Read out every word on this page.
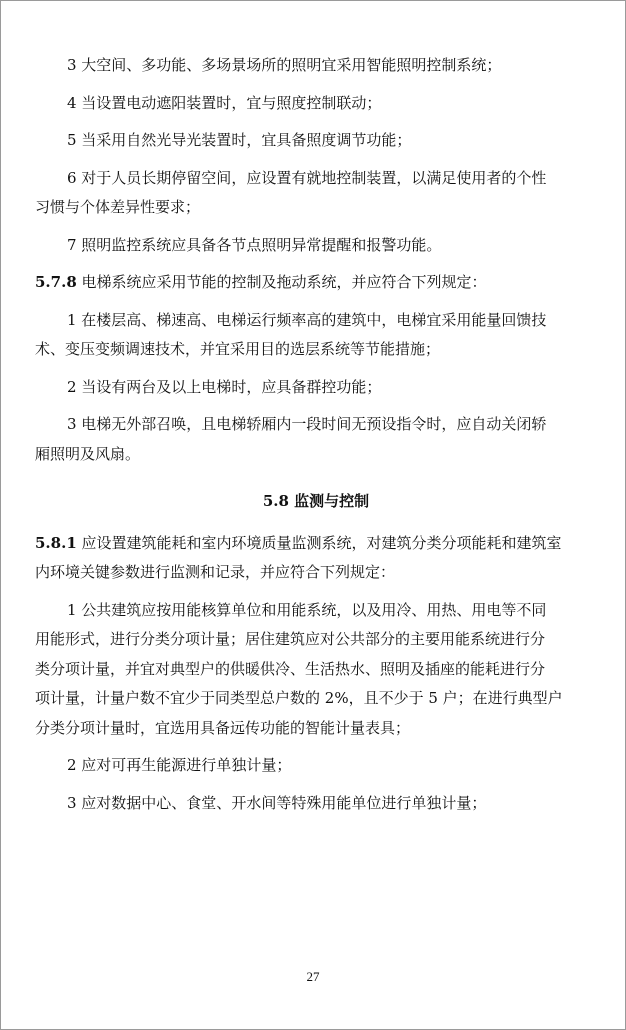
3 大空间、多功能、多场景场所的照明宜采用智能照明控制系统；

4 当设置电动遮阳装置时，宜与照度控制联动；

5 当采用自然光导光装置时，宜具备照度调节功能；

6 对于人员长期停留空间，应设置有就地控制装置，以满足使用者的个性

习惯与个体差异性要求；

7 照明监控系统应具备各节点照明异常提醒和报警功能。

5.7.8 电梯系统应采用节能的控制及拖动系统，并应符合下列规定：

1 在楼层高、梯速高、电梯运行频率高的建筑中，电梯宜采用能量回馈技

术、变压变频调速技术，并宜采用目的选层系统等节能措施；

2 当设有两台及以上电梯时，应具备群控功能；

3 电梯无外部召唤，且电梯轿厢内一段时间无预设指令时，应自动关闭轿

厢照明及风扇。

5.8 监测与控制

5.8.1 应设置建筑能耗和室内环境质量监测系统，对建筑分类分项能耗和建筑室

内环境关键参数进行监测和记录，并应符合下列规定：

1 公共建筑应按用能核算单位和用能系统，以及用冷、用热、用电等不同

用能形式，进行分类分项计量；居住建筑应对公共部分的主要用能系统进行分

类分项计量，并宜对典型户的供暖供冷、生活热水、照明及插座的能耗进行分

项计量，计量户数不宜少于同类型总户数的 2%，且不少于 5 户；在进行典型户

分类分项计量时，宜选用具备远传功能的智能计量表具；

2 应对可再生能源进行单独计量；

3 应对数据中心、食堂、开水间等特殊用能单位进行单独计量；

27
